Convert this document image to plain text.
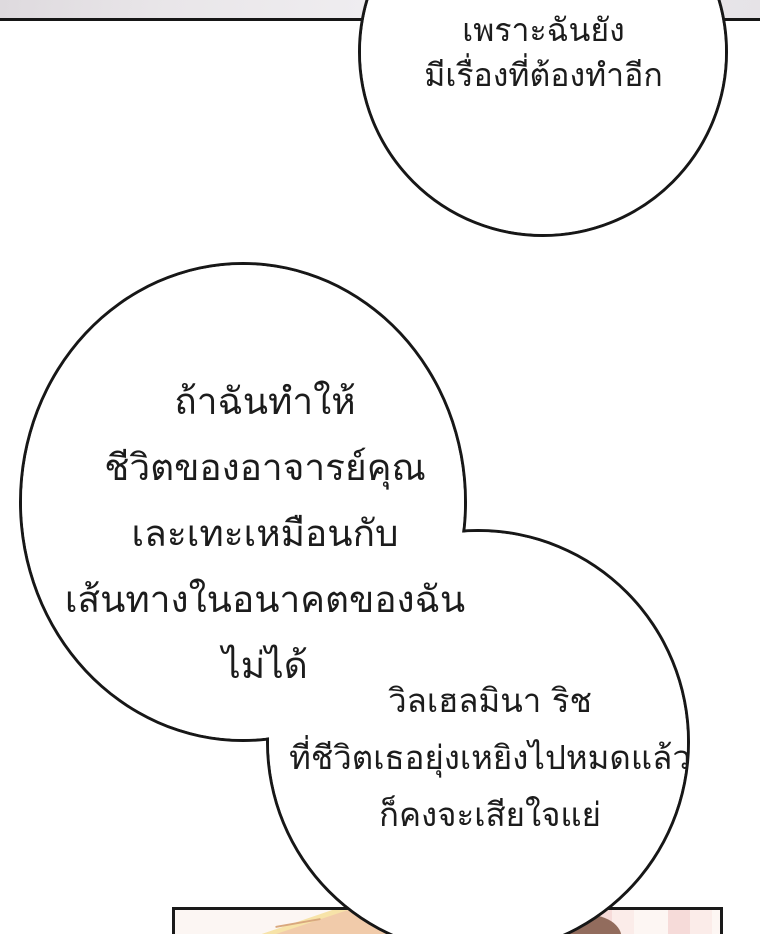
เพราะฉันยัง
มีเรื่องที่ต้องทำอีก
ถ้าฉันทำให้
ชีวิตของอาจารย์คุณ
เละเทะเหมือนกับ
เส้นทางในอนาคตของฉัน
ไม่ได้
วิลเฮลมินา ริช
ที่ชีวิตเธอยุ่งเหยิงไปหมดแล้ว
ก็คงจะเสียใจแย่
